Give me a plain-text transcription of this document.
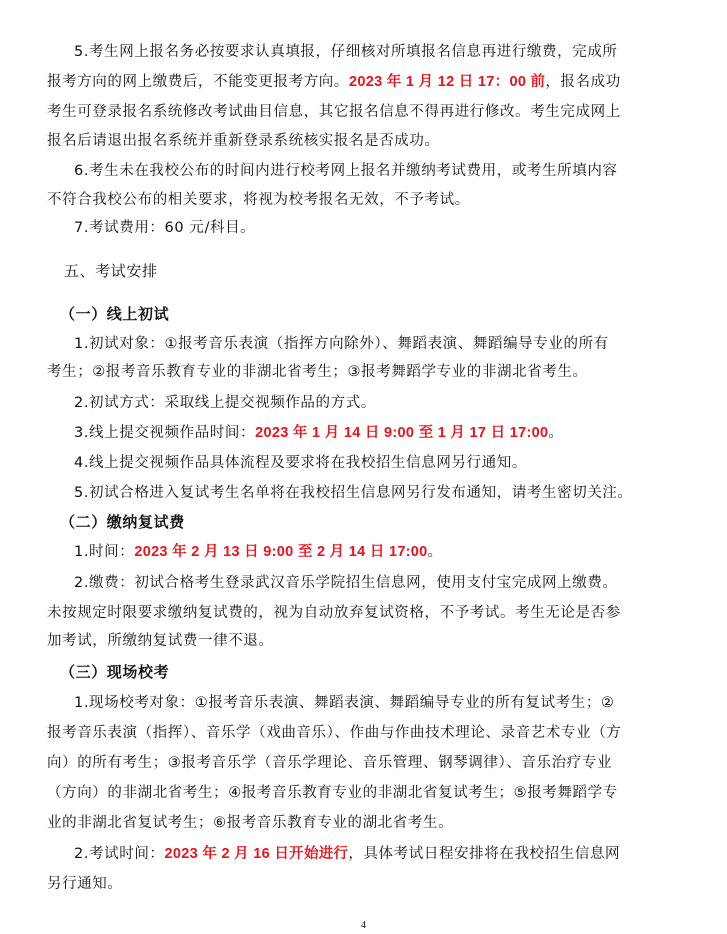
5.考生网上报名务必按要求认真填报，仔细核对所填报名信息再进行缴费，完成所
报考方向的网上缴费后，不能变更报考方向。2023 年 1 月 12 日 17：00 前，报名成功
考生可登录报名系统修改考试曲目信息，其它报名信息不得再进行修改。考生完成网上
报名后请退出报名系统并重新登录系统核实报名是否成功。
6.考生未在我校公布的时间内进行校考网上报名并缴纳考试费用，或考生所填内容
不符合我校公布的相关要求，将视为校考报名无效，不予考试。
7.考试费用：60 元/科目。
五、考试安排
（一）线上初试
1.初试对象：①报考音乐表演（指挥方向除外）、舞蹈表演、舞蹈编导专业的所有
考生；②报考音乐教育专业的非湖北省考生；③报考舞蹈学专业的非湖北省考生。
2.初试方式：采取线上提交视频作品的方式。
3.线上提交视频作品时间：2023 年 1 月 14 日 9:00 至 1 月 17 日 17:00。
4.线上提交视频作品具体流程及要求将在我校招生信息网另行通知。
5.初试合格进入复试考生名单将在我校招生信息网另行发布通知，请考生密切关注。
（二）缴纳复试费
1.时间：2023 年 2 月 13 日 9:00 至 2 月 14 日 17:00。
2.缴费：初试合格考生登录武汉音乐学院招生信息网，使用支付宝完成网上缴费。
未按规定时限要求缴纳复试费的，视为自动放弃复试资格，不予考试。考生无论是否参
加考试，所缴纳复试费一律不退。
（三）现场校考
1.现场校考对象：①报考音乐表演、舞蹈表演、舞蹈编导专业的所有复试考生；②
报考音乐表演（指挥）、音乐学（戏曲音乐）、作曲与作曲技术理论、录音艺术专业（方
向）的所有考生；③报考音乐学（音乐学理论、音乐管理、钢琴调律）、音乐治疗专业
（方向）的非湖北省考生；④报考音乐教育专业的非湖北省复试考生；⑤报考舞蹈学专
业的非湖北省复试考生；⑥报考音乐教育专业的湖北省考生。
2.考试时间：2023 年 2 月 16 日开始进行，具体考试日程安排将在我校招生信息网
另行通知。
4
